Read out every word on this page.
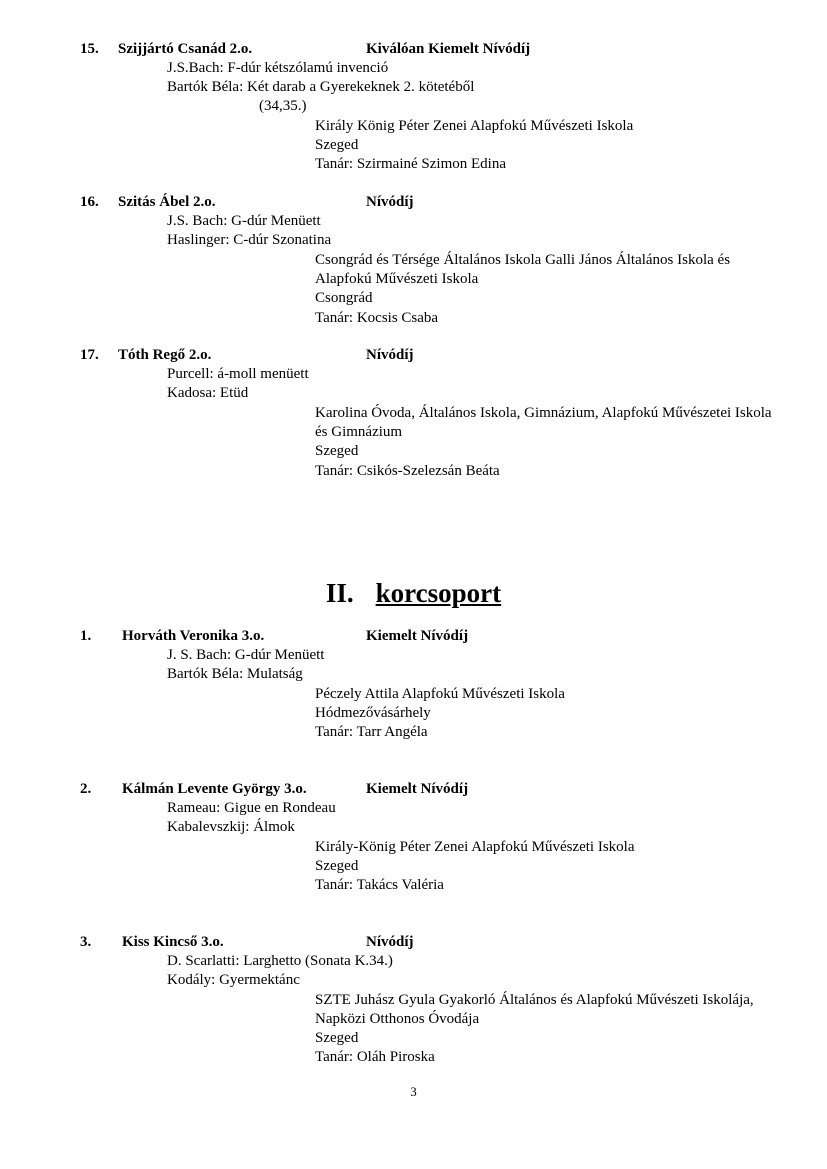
15. Szijjártó Csanád 2.o.	Kiválóan Kiemelt Nívódíj
J.S.Bach: F-dúr kétszólamú invenció
Bartók Béla: Két darab a Gyerekeknek 2. kötetéből
(34,35.)
Király König Péter Zenei Alapfokú Művészeti Iskola
Szeged
Tanár: Szirmainé Szimon Edina
16. Szitás Ábel 2.o.	Nívódíj
J.S. Bach: G-dúr Menüett
Haslinger: C-dúr Szonatina
Csongrád és Térsége Általános Iskola Galli János Általános Iskola és
Alapfokú Művészeti Iskola
Csongrád
Tanár: Kocsis Csaba
17. Tóth Regő 2.o.	Nívódíj
Purcell: á-moll menüett
Kadosa: Etüd
Karolina Óvoda, Általános Iskola, Gimnázium, Alapfokú Művészetei Iskola
és Gimnázium
Szeged
Tanár: Csikós-Szelezsán Beáta
II. korcsoport
1. Horváth Veronika 3.o.	Kiemelt Nívódíj
J. S. Bach: G-dúr Menüett
Bartók Béla: Mulatság
Péczely Attila Alapfokú Művészeti Iskola
Hódmezővásárhely
Tanár: Tarr Angéla
2. Kálmán Levente György 3.o.	Kiemelt Nívódíj
Rameau: Gigue en Rondeau
Kabalevszkij: Álmok
Király-König Péter Zenei Alapfokú Művészeti Iskola
Szeged
Tanár: Takács Valéria
3. Kiss Kincső 3.o.	Nívódíj
D. Scarlatti: Larghetto (Sonata K.34.)
Kodály: Gyermektánc
SZTE Juhász Gyula Gyakorló Általános és Alapfokú Művészeti Iskolája,
Napközi Otthonos Óvodája
Szeged
Tanár: Oláh Piroska
3
